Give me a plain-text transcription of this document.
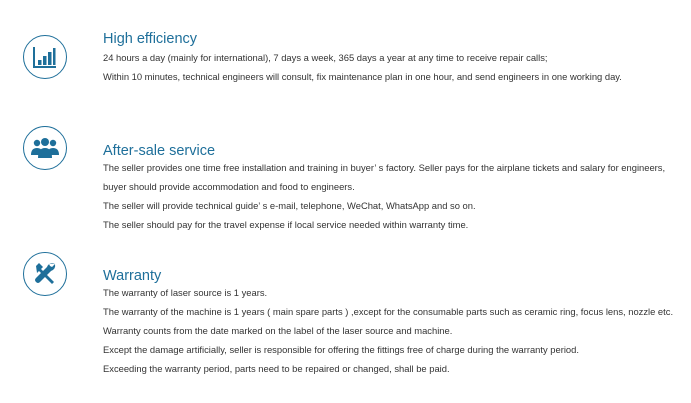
High efficiency

24 hours a day (mainly for international), 7 days a week, 365 days a year at any time to receive repair calls;

Within 10 minutes, technical engineers will consult, fix maintenance plan in one hour, and send engineers in one working day.

After-sale service

The seller provides one time free installation and training in buyer’ s factory. Seller pays for the airplane tickets and salary for engineers, buyer should provide accommodation and food to engineers.

The seller will provide technical guide’ s e-mail, telephone, WeChat, WhatsApp and so on.

The seller should pay for the travel expense if local service needed within warranty time.

Warranty

The warranty of laser source is 1 years.

The warranty of the machine is 1 years ( main spare parts ) ,except for the consumable parts such as ceramic ring, focus lens, nozzle etc. Warranty counts from the date marked on the label of the laser source and machine.

Except the damage artificially, seller is responsible for offering the fittings free of charge during the warranty period.

Exceeding the warranty period, parts need to be repaired or changed, shall be paid.
